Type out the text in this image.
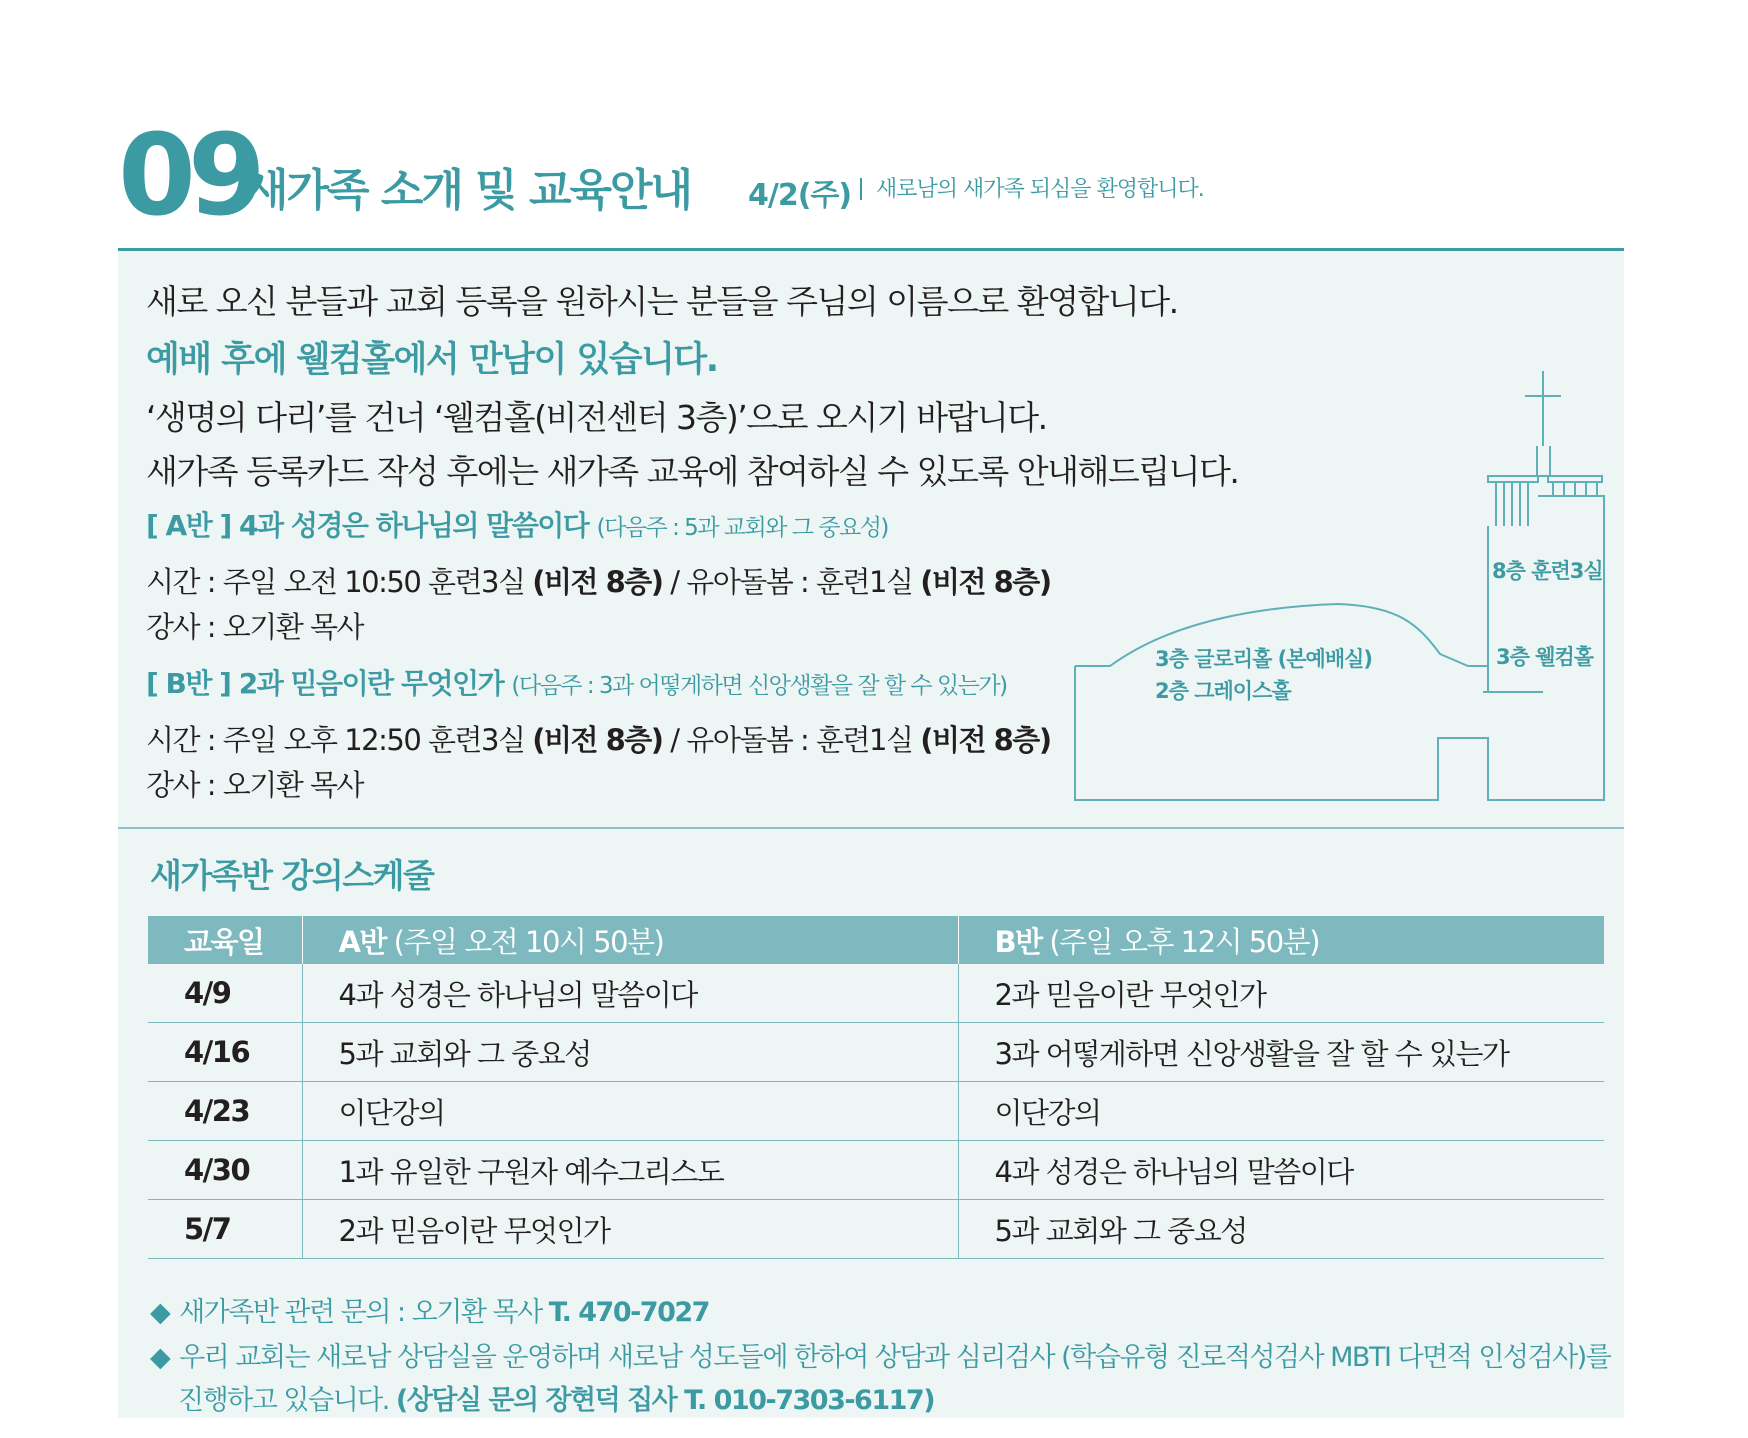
09
새가족 소개 및 교육안내 4/2(주) 새로남의 새가족 되심을 환영합니다.
새로 오신 분들과 교회 등록을 원하시는 분들을 주님의 이름으로 환영합니다.
예배 후에 웰컴홀에서 만남이 있습니다.
‘생명의 다리’를 건너 ‘웰컴홀(비전센터 3층)’으로 오시기 바랍니다.
새가족 등록카드 작성 후에는 새가족 교육에 참여하실 수 있도록 안내해드립니다.
[ A반 ] 4과 성경은 하나님의 말씀이다 (다음주 : 5과 교회와 그 중요성)
시간 : 주일 오전 10:50 훈련3실 (비전 8층) / 유아돌봄 : 훈련1실 (비전 8층)
강사 : 오기환 목사
[ B반 ] 2과 믿음이란 무엇인가 (다음주 : 3과 어떻게하면 신앙생활을 잘 할 수 있는가)
시간 : 주일 오후 12:50 훈련3실 (비전 8층) / 유아돌봄 : 훈련1실 (비전 8층)
강사 : 오기환 목사
8층 훈련3실
3층 웰컴홀
3층 글로리홀 (본예배실)
2층 그레이스홀
새가족반 강의스케줄
교육일	A반 (주일 오전 10시 50분)	B반 (주일 오후 12시 50분)
4/9	4과 성경은 하나님의 말씀이다	2과 믿음이란 무엇인가
4/16	5과 교회와 그 중요성	3과 어떻게하면 신앙생활을 잘 할 수 있는가
4/23	이단강의	이단강의
4/30	1과 유일한 구원자 예수그리스도	4과 성경은 하나님의 말씀이다
5/7	2과 믿음이란 무엇인가	5과 교회와 그 중요성
◆ 새가족반 관련 문의 : 오기환 목사 T. 470-7027
◆ 우리 교회는 새로남 상담실을 운영하며 새로남 성도들에 한하여 상담과 심리검사 (학습유형 진로적성검사 MBTI 다면적 인성검사)를
진행하고 있습니다. (상담실 문의 장현덕 집사 T. 010-7303-6117)
